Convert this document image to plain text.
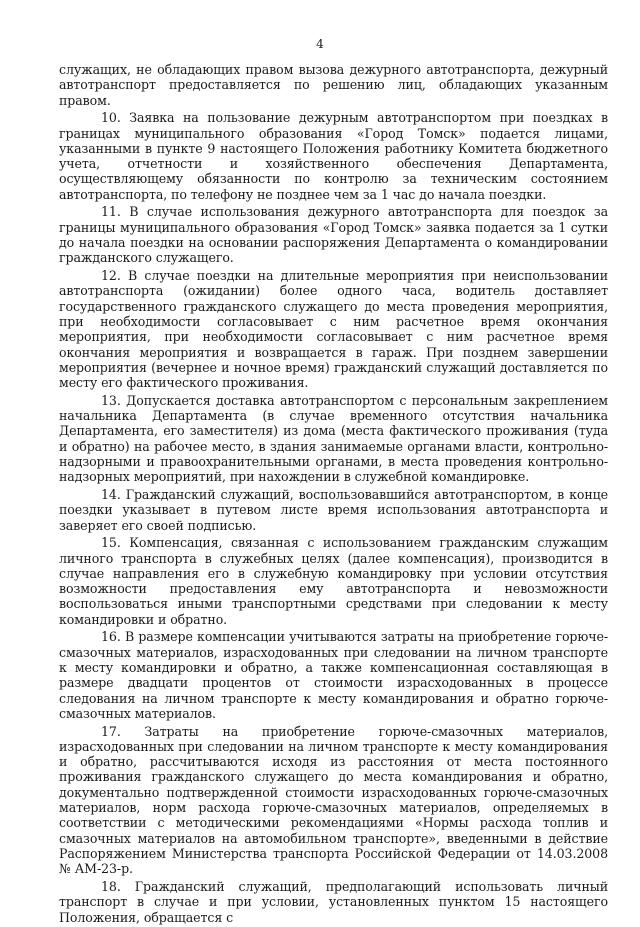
4

служащих, не обладающих правом вызова дежурного автотранспорта, дежурный автотранспорт предоставляется по решению лиц, обладающих указанным правом.

10. Заявка на пользование дежурным автотранспортом при поездках в границах муниципального образования «Город Томск» подается лицами, указанными в пункте 9 настоящего Положения работнику Комитета бюджетного учета, отчетности и хозяйственного обеспечения Департамента, осуществляющему обязанности по контролю за техническим состоянием автотранспорта, по телефону не позднее чем за 1 час до начала поездки.

11. В случае использования дежурного автотранспорта для поездок за границы муниципального образования «Город Томск» заявка подается за 1 сутки до начала поездки на основании распоряжения Департамента о командировании гражданского служащего.

12. В случае поездки на длительные мероприятия при неиспользовании автотранспорта (ожидании) более одного часа, водитель доставляет государственного гражданского служащего до места проведения мероприятия, при необходимости согласовывает с ним расчетное время окончания мероприятия, при необходимости согласовывает с ним расчетное время окончания мероприятия и возвращается в гараж. При позднем завершении мероприятия (вечернее и ночное время) гражданский служащий доставляется по месту его фактического проживания.

13. Допускается доставка автотранспортом с персональным закреплением начальника Департамента (в случае временного отсутствия начальника Департамента, его заместителя) из дома (места фактического проживания (туда и обратно) на рабочее место, в здания занимаемые органами власти, контрольно-надзорными и правоохранительными органами, в места проведения контрольно-надзорных мероприятий, при нахождении в служебной командировке.

14. Гражданский служащий, воспользовавшийся автотранспортом, в конце поездки указывает в путевом листе время использования автотранспорта и заверяет его своей подписью.

15. Компенсация, связанная с использованием гражданским служащим личного транспорта в служебных целях (далее компенсация), производится в случае направления его в служебную командировку при условии отсутствия возможности предоставления ему автотранспорта и невозможности воспользоваться иными транспортными средствами при следовании к месту командировки и обратно.

16. В размере компенсации учитываются затраты на приобретение горюче-смазочных материалов, израсходованных при следовании на личном транспорте к месту командировки и обратно, а также компенсационная составляющая в размере двадцати процентов от стоимости израсходованных в процессе следования на личном транспорте к месту командирования и обратно горюче-смазочных материалов.

17. Затраты на приобретение горюче-смазочных материалов, израсходованных при следовании на личном транспорте к месту командирования и обратно, рассчитываются исходя из расстояния от места постоянного проживания гражданского служащего до места командирования и обратно, документально подтвержденной стоимости израсходованных горюче-смазочных материалов, норм расхода горюче-смазочных материалов, определяемых в соответствии с методическими рекомендациями «Нормы расхода топлив и смазочных материалов на автомобильном транспорте», введенными в действие Распоряжением Министерства транспорта Российской Федерации от 14.03.2008 № АМ-23-р.

18. Гражданский служащий, предполагающий использовать личный транспорт в случае и при условии, установленных пунктом 15 настоящего Положения, обращается с
